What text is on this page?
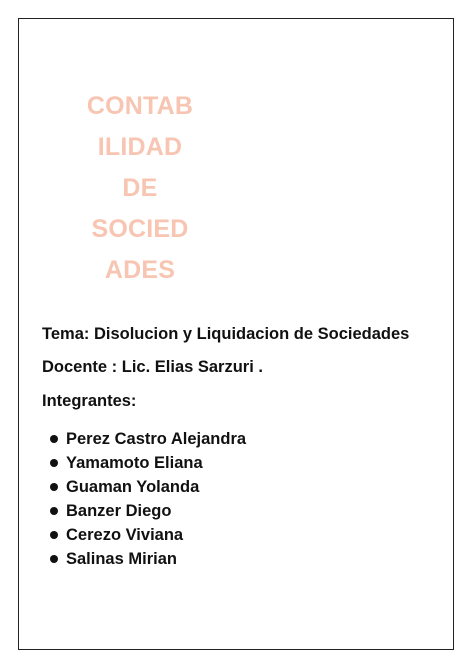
CONTAB
ILIDAD
DE
SOCIED
ADES
Tema: Disolucion y Liquidacion de Sociedades
Docente : Lic. Elias Sarzuri .
Integrantes:
Perez Castro Alejandra
Yamamoto Eliana
Guaman Yolanda
Banzer Diego
Cerezo Viviana
Salinas Mirian
